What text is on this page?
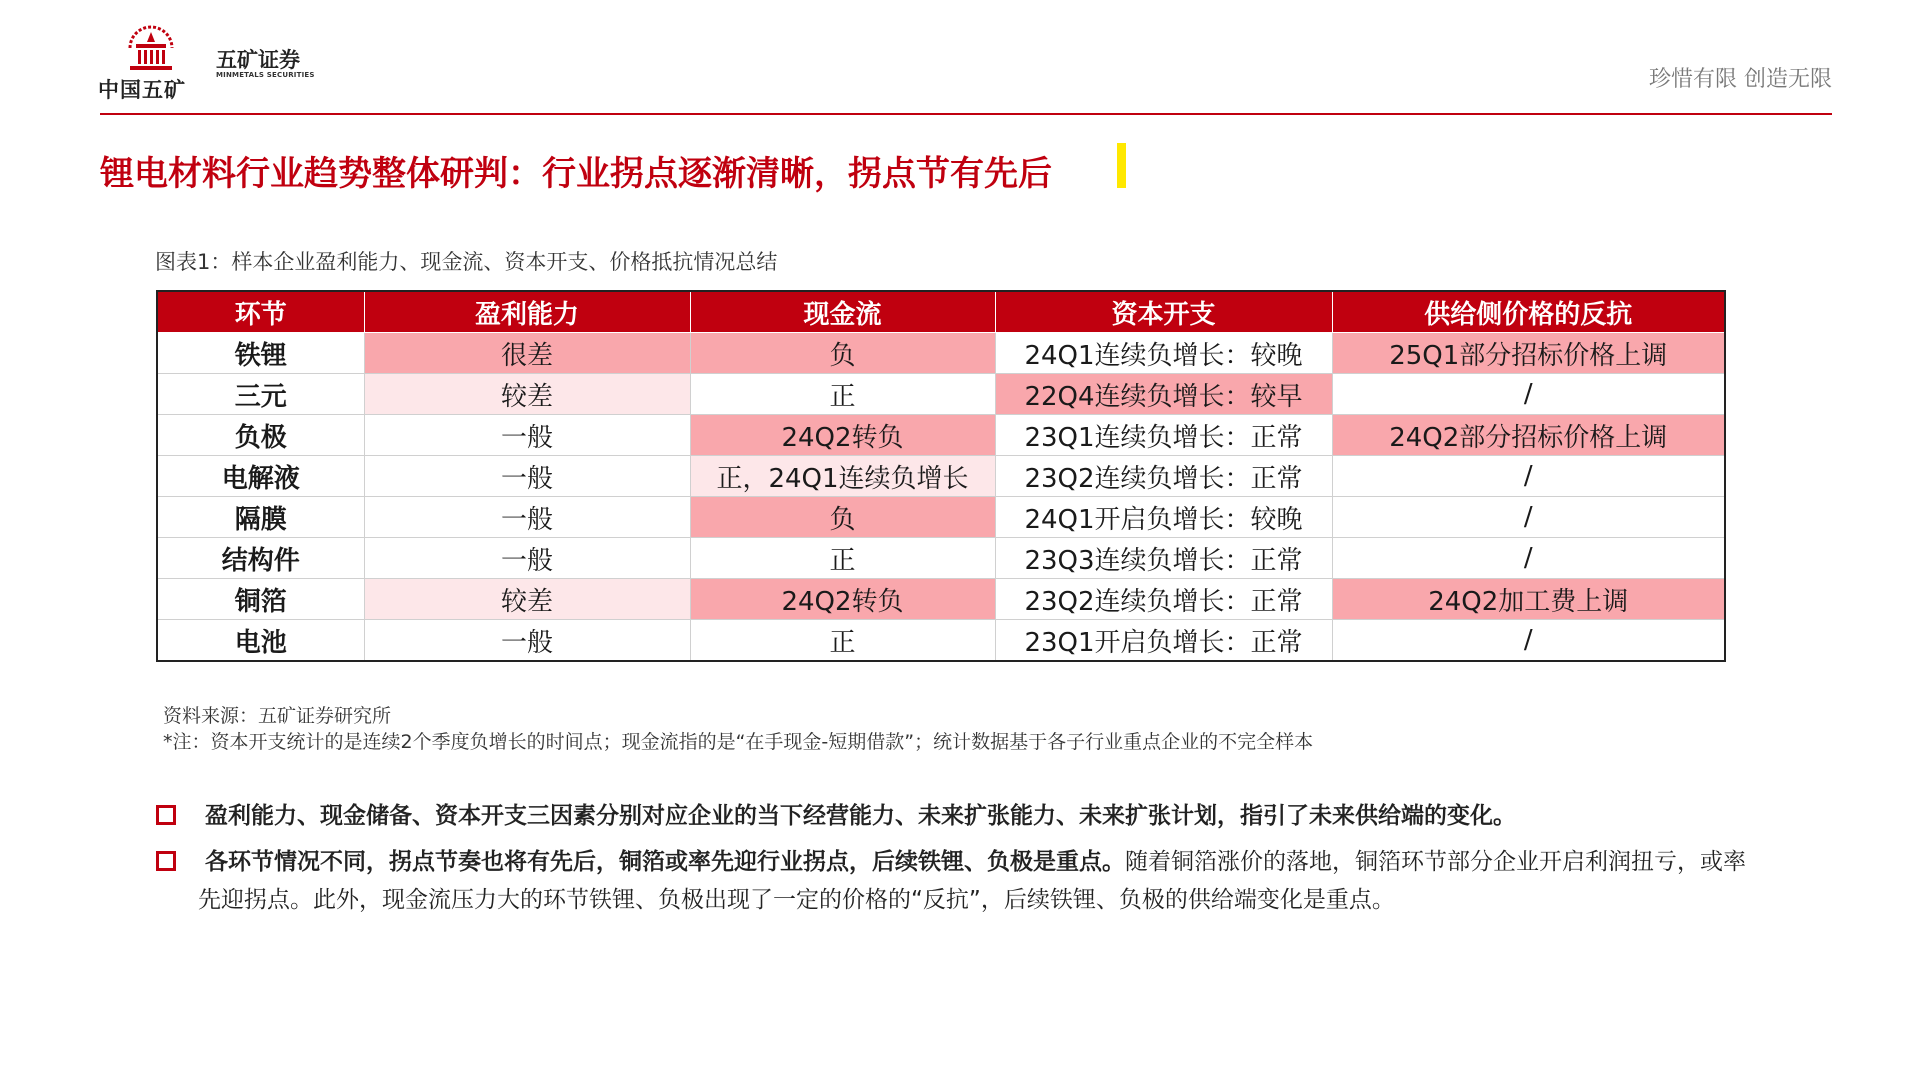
中国五矿
五矿证券
MINMETALS SECURITIES	珍惜有限 创造无限
锂电材料行业趋势整体研判：行业拐点逐渐清晰，拐点节有先后
图表1：样本企业盈利能力、现金流、资本开支、价格抵抗情况总结
环节	盈利能力	现金流	资本开支	供给侧价格的反抗
铁锂	很差	负	24Q1连续负增长：较晚	25Q1部分招标价格上调
三元	较差	正	22Q4连续负增长：较早	/
负极	一般	24Q2转负	23Q1连续负增长：正常	24Q2部分招标价格上调
电解液	一般	正，24Q1连续负增长	23Q2连续负增长：正常	/
隔膜	一般	负	24Q1开启负增长：较晚	/
结构件	一般	正	23Q3连续负增长：正常	/
铜箔	较差	24Q2转负	23Q2连续负增长：正常	24Q2加工费上调
电池	一般	正	23Q1开启负增长：正常	/
资料来源：五矿证券研究所
*注：资本开支统计的是连续2个季度负增长的时间点；现金流指的是“在手现金-短期借款”；统计数据基于各子行业重点企业的不完全样本
盈利能力、现金储备、资本开支三因素分别对应企业的当下经营能力、未来扩张能力、未来扩张计划，指引了未来供给端的变化。
各环节情况不同，拐点节奏也将有先后，铜箔或率先迎行业拐点，后续铁锂、负极是重点。随着铜箔涨价的落地，铜箔环节部分企业开启利润扭亏，或率先迎拐点。此外，现金流压力大的环节铁锂、负极出现了一定的价格的“反抗”，后续铁锂、负极的供给端变化是重点。
